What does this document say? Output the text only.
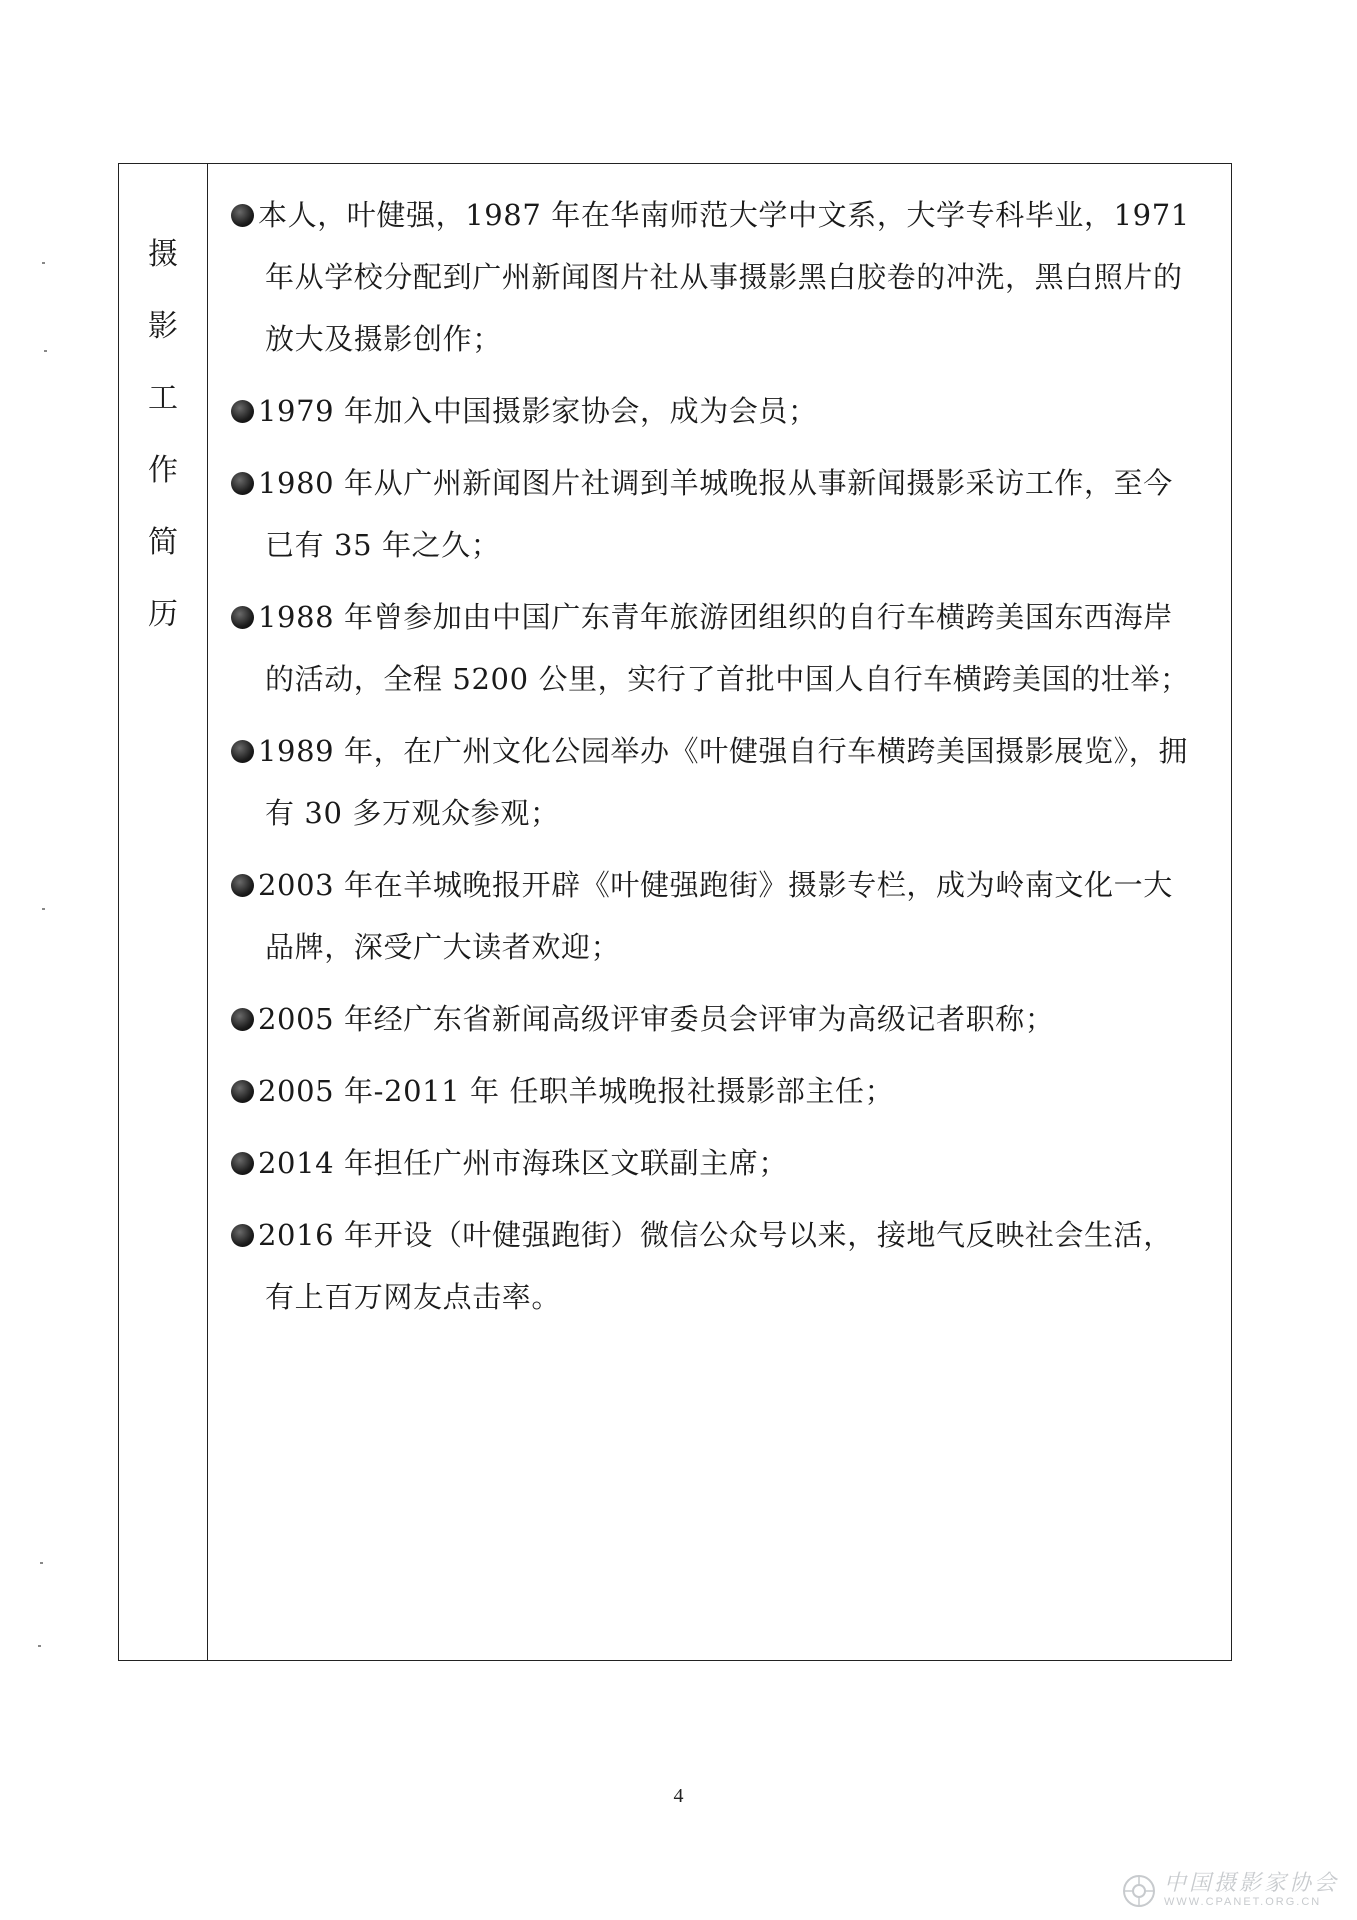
摄
影
工
作
简
历
本人，叶健强，1987 年在华南师范大学中文系，大学专科毕业，1971
年从学校分配到广州新闻图片社从事摄影黑白胶卷的冲洗，黑白照片的
放大及摄影创作；
1979 年加入中国摄影家协会，成为会员；
1980 年从广州新闻图片社调到羊城晚报从事新闻摄影采访工作，至今
已有 35 年之久；
1988 年曾参加由中国广东青年旅游团组织的自行车横跨美国东西海岸
的活动，全程 5200 公里，实行了首批中国人自行车横跨美国的壮举；
1989 年，在广州文化公园举办《叶健强自行车横跨美国摄影展览》，拥
有 30 多万观众参观；
2003 年在羊城晚报开辟《叶健强跑街》摄影专栏，成为岭南文化一大
品牌，深受广大读者欢迎；
2005 年经广东省新闻高级评审委员会评审为高级记者职称；
2005 年-2011 年 任职羊城晚报社摄影部主任；
2014 年担任广州市海珠区文联副主席；
2016 年开设（叶健强跑街）微信公众号以来，接地气反映社会生活，
有上百万网友点击率。
4
中国摄影家协会
WWW.CPANET.ORG.CN
